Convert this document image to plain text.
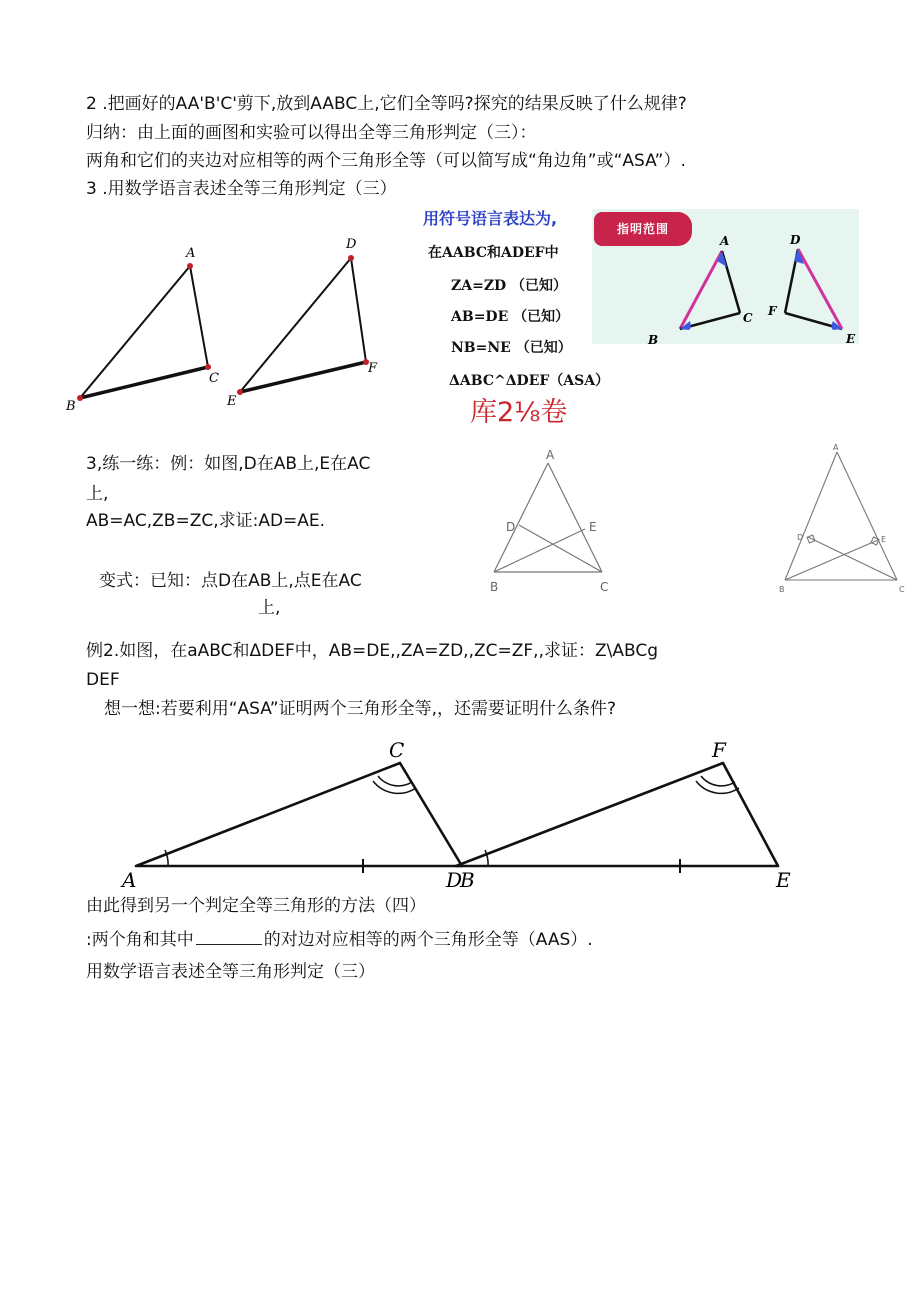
2 .把画好的AA'B'C'剪下,放到AABC上,它们全等吗?探究的结果反映了什么规律?
归纳：由上面的画图和实验可以得出全等三角形判定（三）：
两角和它们的夹边对应相等的两个三角形全等（可以简写成“角边角”或“ASA”）.
3 .用数学语言表述全等三角形判定（三）
A
B
C
D
E
F
用符号语言表达为,
在AABC和ADEF中
ZA=ZD （已知）
AB=DE （已知）
NB=NE （已知）
ΔABC^ΔDEF（ASA）
库2⅛卷
指明范围
A
B
C
D
F
E
3,练一练：例：如图,D在AB上,E在AC
上,
AB=AC,ZB=ZC,求证:AD=AE.
变式：已知：点D在AB上,点E在AC
上,
A
D	E
B	C
A
D	E
B	C
例2.如图，在aABC和ΔDEF中，AB=DE,,ZA=ZD,,ZC=ZF,,求证：Z\ABCg
DEF
想一想:若要利用“ASA”证明两个三角形全等,，还需要证明什么条件?
C
A	B
F
D	E
由此得到另一个判定全等三角形的方法（四）
:两个角和其中	的对边对应相等的两个三角形全等（AAS）.
用数学语言表述全等三角形判定（三）
